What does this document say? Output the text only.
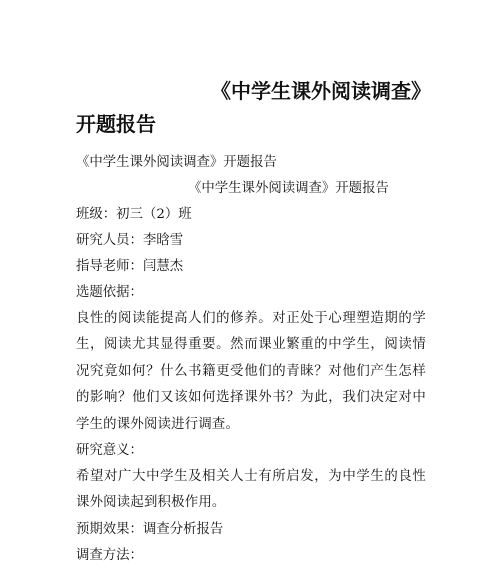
《中学生课外阅读调查》
开题报告
《中学生课外阅读调查》开题报告
《中学生课外阅读调查》开题报告
班级：初三（2）班
研究人员：李晗雪
指导老师：闫慧杰
选题依据：
良性的阅读能提高人们的修养。对正处于心理塑造期的学生，阅读尤其显得重要。然而课业繁重的中学生，阅读情况究竟如何？什么书籍更受他们的青睐？对他们产生怎样的影响？他们又该如何选择课外书？为此，我们决定对中学生的课外阅读进行调查。
研究意义：
希望对广大中学生及相关人士有所启发，为中学生的良性课外阅读起到积极作用。
预期效果：调查分析报告
调查方法：
